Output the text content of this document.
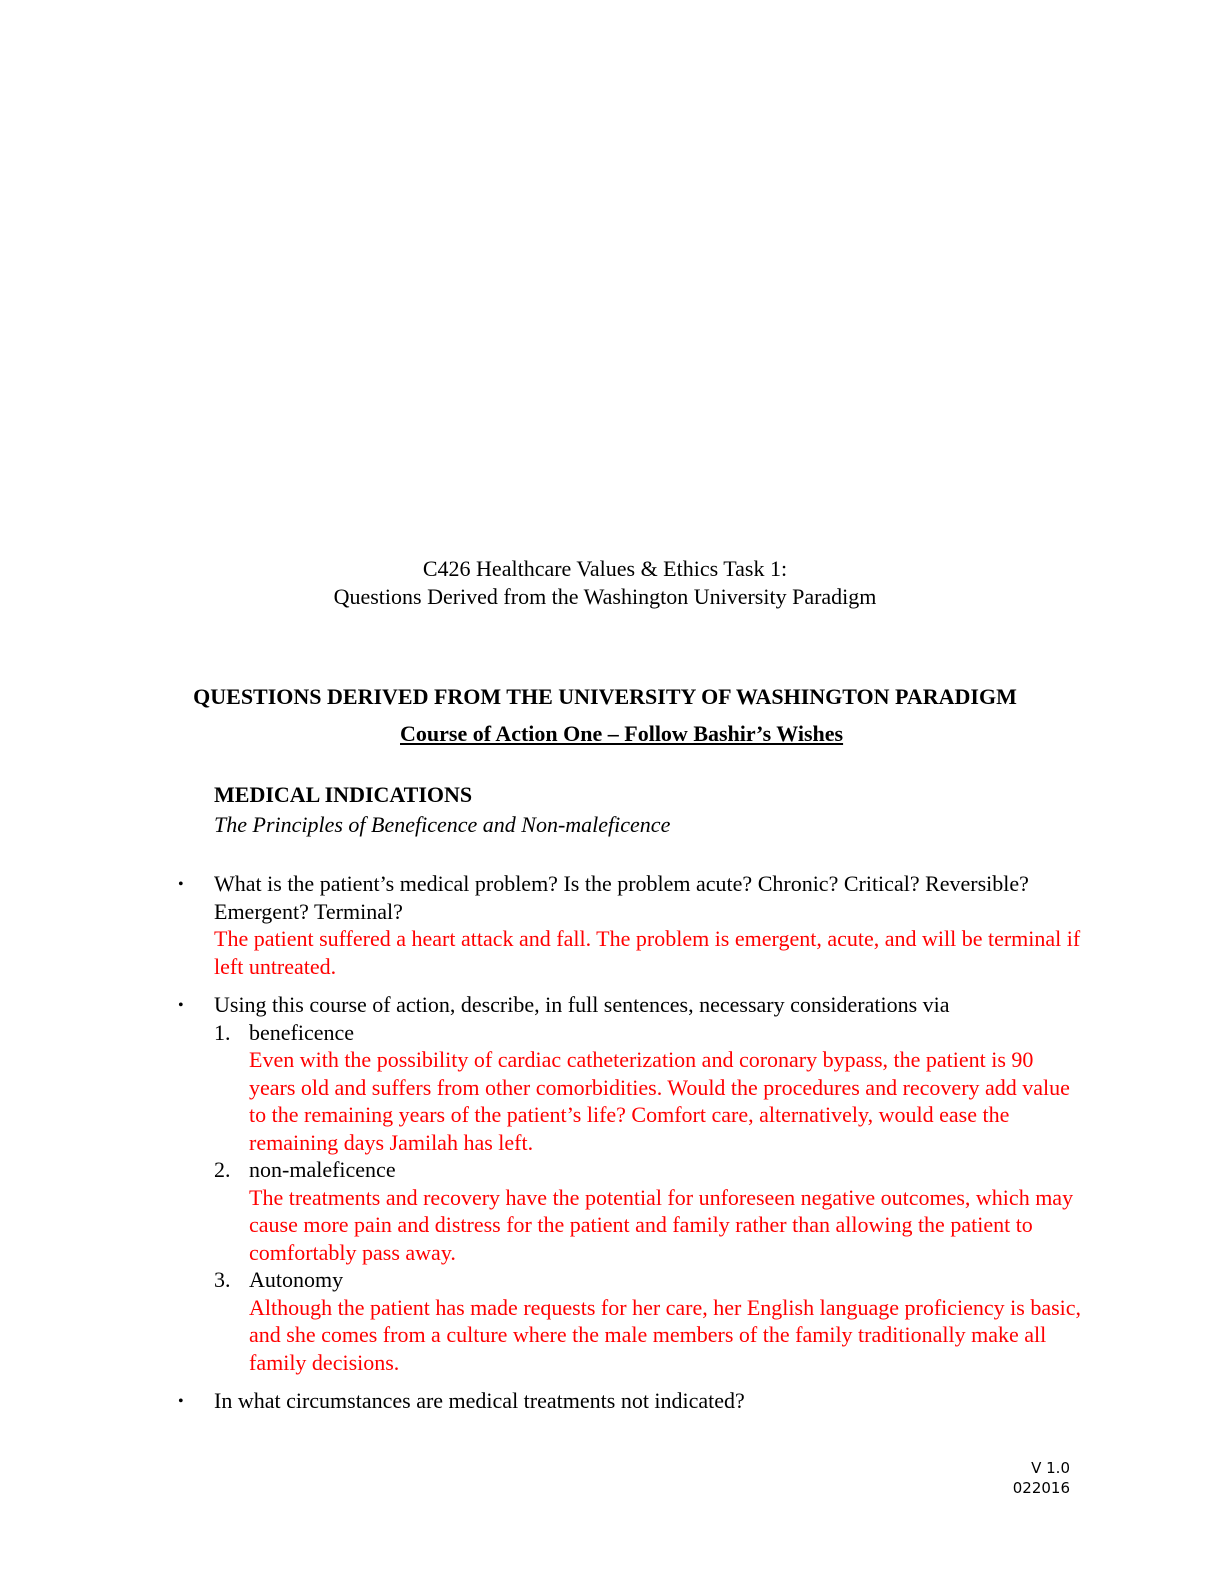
C426 Healthcare Values & Ethics Task 1:
Questions Derived from the Washington University Paradigm
QUESTIONS DERIVED FROM THE UNIVERSITY OF WASHINGTON PARADIGM
Course of Action One – Follow Bashir’s Wishes
MEDICAL INDICATIONS
The Principles of Beneficence and Non-maleficence
• What is the patient’s medical problem? Is the problem acute? Chronic? Critical? Reversible? Emergent? Terminal?
The patient suffered a heart attack and fall. The problem is emergent, acute, and will be terminal if left untreated.
• Using this course of action, describe, in full sentences, necessary considerations via
1. beneficence
Even with the possibility of cardiac catheterization and coronary bypass, the patient is 90 years old and suffers from other comorbidities. Would the procedures and recovery add value to the remaining years of the patient’s life? Comfort care, alternatively, would ease the remaining days Jamilah has left.
2. non-maleficence
The treatments and recovery have the potential for unforeseen negative outcomes, which may cause more pain and distress for the patient and family rather than allowing the patient to comfortably pass away.
3. Autonomy
Although the patient has made requests for her care, her English language proficiency is basic, and she comes from a culture where the male members of the family traditionally make all family decisions.
• In what circumstances are medical treatments not indicated?
V 1.0
022016
